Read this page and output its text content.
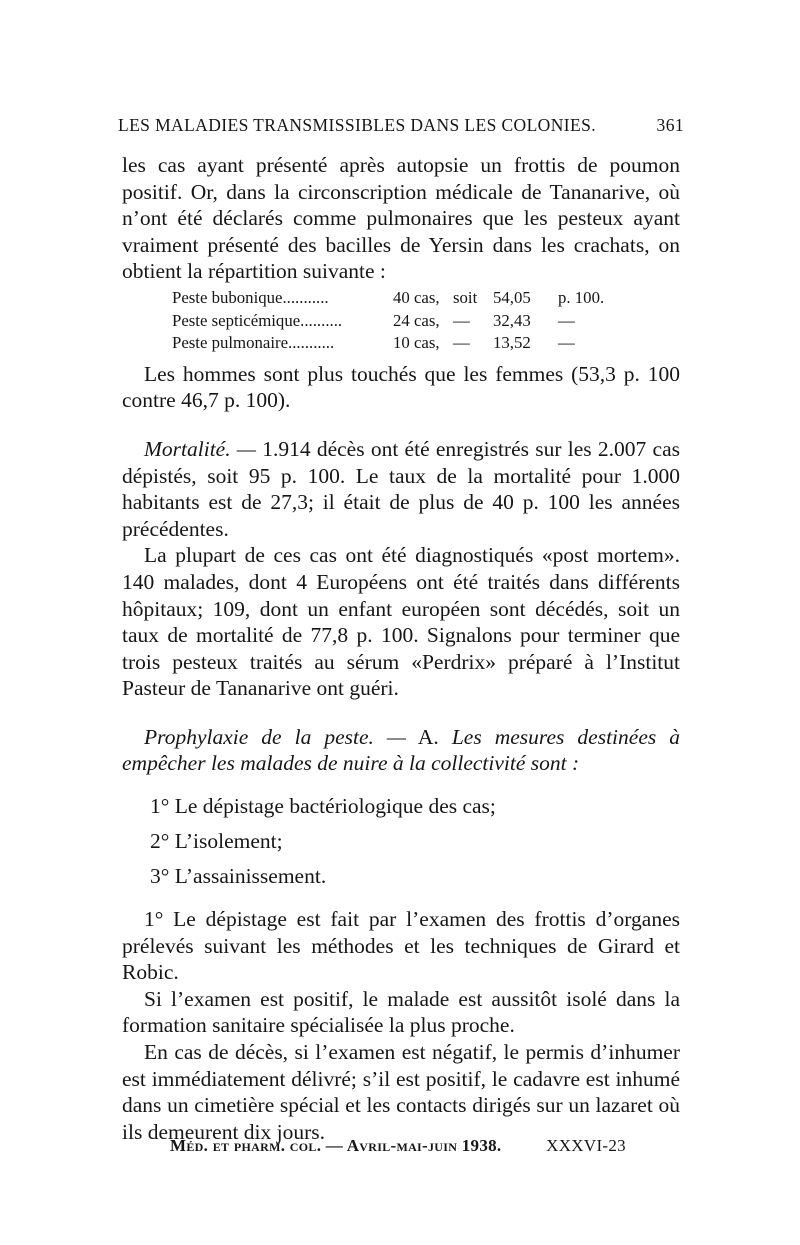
LES MALADIES TRANSMISSIBLES DANS LES COLONIES.	361

les cas ayant présenté après autopsie un frottis de poumon positif. Or, dans la circonscription médicale de Tananarive, où n’ont été déclarés comme pulmonaires que les pesteux ayant vraiment présenté des bacilles de Yersin dans les crachats, on obtient la répartition suivante :

Peste bubonique...........	40 cas,	soit	54,05	p. 100.
Peste septicémique..........	24 cas,	—	32,43	—
Peste pulmonaire...........	10 cas,	—	13,52	—

Les hommes sont plus touchés que les femmes (53,3 p. 100 contre 46,7 p. 100).

Mortalité. — 1.914 décès ont été enregistrés sur les 2.007 cas dépistés, soit 95 p. 100. Le taux de la mortalité pour 1.000 habitants est de 27,3; il était de plus de 40 p. 100 les années précédentes.

La plupart de ces cas ont été diagnostiqués «post mortem». 140 malades, dont 4 Européens ont été traités dans différents hôpitaux; 109, dont un enfant européen sont décédés, soit un taux de mortalité de 77,8 p. 100. Signalons pour terminer que trois pesteux traités au sérum «Perdrix» préparé à l’Institut Pasteur de Tananarive ont guéri.

Prophylaxie de la peste. — A. Les mesures destinées à empêcher les malades de nuire à la collectivité sont :

1° Le dépistage bactériologique des cas;
2° L’isolement;
3° L’assainissement.

1° Le dépistage est fait par l’examen des frottis d’organes prélevés suivant les méthodes et les techniques de Girard et Robic.

Si l’examen est positif, le malade est aussitôt isolé dans la formation sanitaire spécialisée la plus proche.

En cas de décès, si l’examen est négatif, le permis d’inhumer est immédiatement délivré; s’il est positif, le cadavre est inhumé dans un cimetière spécial et les contacts dirigés sur un lazaret où ils demeurent dix jours.

Méd. et pharm. col. — Avril-mai-juin 1938.	XXXVI-23
